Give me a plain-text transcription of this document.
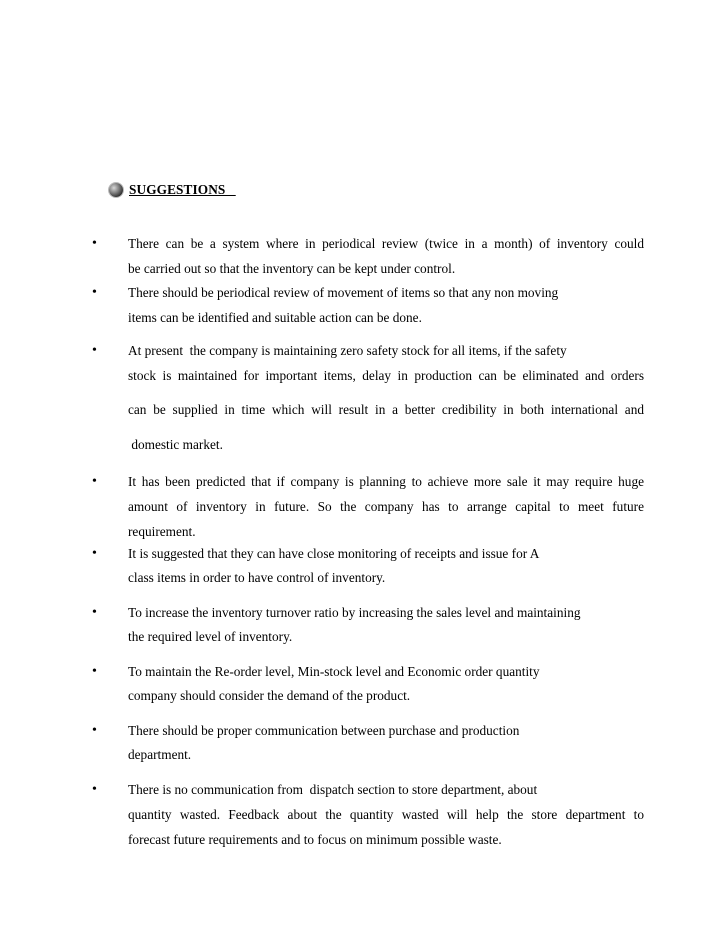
SUGGESTIONS
•	There can be a system where in periodical review (twice in a month) of inventory could
be carried out so that the inventory can be kept under control.
•	There should be periodical review of movement of items so that any non moving
items can be identified and suitable action can be done.
•	At present  the company is maintaining zero safety stock for all items, if the safety
stock is maintained for important items, delay in production can be eliminated and orders
can be supplied in time which will result in a better credibility in both international and
domestic market.
•	It has been predicted that if company is planning to achieve more sale it may require huge
amount of inventory in future. So the company has to arrange capital to meet future
requirement.
•	It is suggested that they can have close monitoring of receipts and issue for A
class items in order to have control of inventory.
•	To increase the inventory turnover ratio by increasing the sales level and maintaining
the required level of inventory.
•	To maintain the Re-order level, Min-stock level and Economic order quantity
company should consider the demand of the product.
•	There should be proper communication between purchase and production
department.
•	There is no communication from  dispatch section to store department, about
quantity wasted. Feedback about the quantity wasted will help the store department to
forecast future requirements and to focus on minimum possible waste.
